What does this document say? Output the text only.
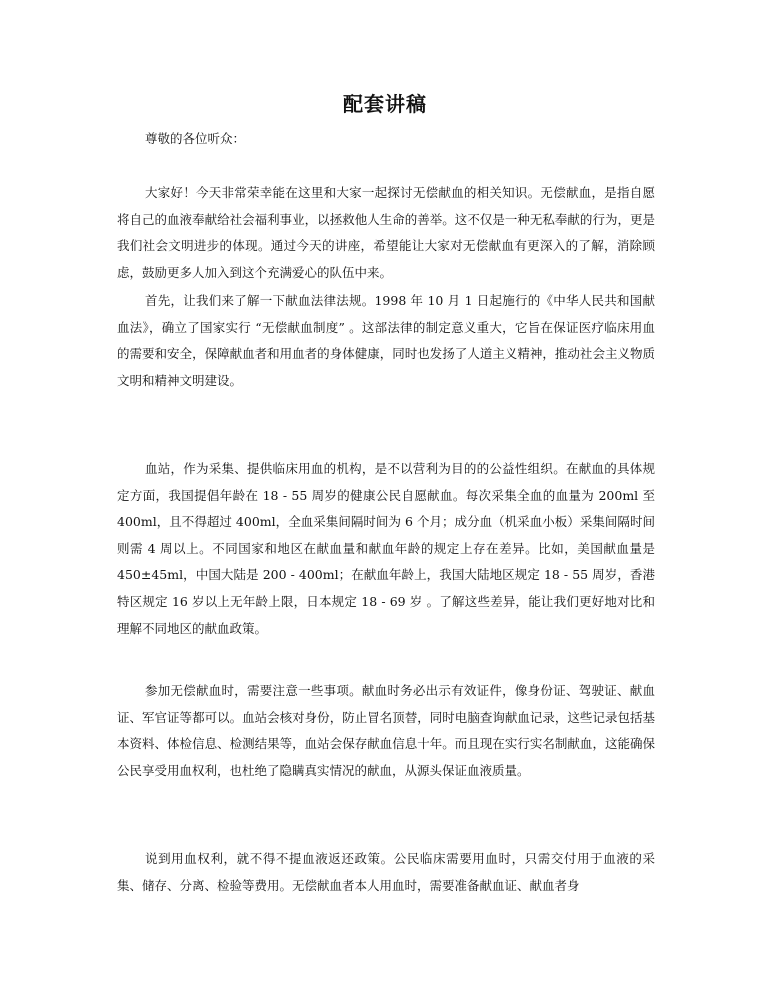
配套讲稿
尊敬的各位听众：

大家好！今天非常荣幸能在这里和大家一起探讨无偿献血的相关知识。无偿献血，是指自愿将自己的血液奉献给社会福利事业，以拯救他人生命的善举。这不仅是一种无私奉献的行为，更是我们社会文明进步的体现。通过今天的讲座，希望能让大家对无偿献血有更深入的了解，消除顾虑，鼓励更多人加入到这个充满爱心的队伍中来。

首先，让我们来了解一下献血法律法规。1998 年 10 月 1 日起施行的《中华人民共和国献血法》，确立了国家实行 “无偿献血制度” 。这部法律的制定意义重大，它旨在保证医疗临床用血的需要和安全，保障献血者和用血者的身体健康，同时也发扬了人道主义精神，推动社会主义物质文明和精神文明建设。

血站，作为采集、提供临床用血的机构，是不以营利为目的的公益性组织。在献血的具体规定方面，我国提倡年龄在 18 - 55 周岁的健康公民自愿献血。每次采集全血的血量为 200ml 至 400ml，且不得超过 400ml，全血采集间隔时间为 6 个月；成分血（机采血小板）采集间隔时间则需 4 周以上。不同国家和地区在献血量和献血年龄的规定上存在差异。比如，美国献血量是 450±45ml，中国大陆是 200 - 400ml；在献血年龄上，我国大陆地区规定 18 - 55 周岁，香港特区规定 16 岁以上无年龄上限，日本规定 18 - 69 岁 。了解这些差异，能让我们更好地对比和理解不同地区的献血政策。

参加无偿献血时，需要注意一些事项。献血时务必出示有效证件，像身份证、驾驶证、献血证、军官证等都可以。血站会核对身份，防止冒名顶替，同时电脑查询献血记录，这些记录包括基本资料、体检信息、检测结果等，血站会保存献血信息十年。而且现在实行实名制献血，这能确保公民享受用血权利，也杜绝了隐瞒真实情况的献血，从源头保证血液质量。

说到用血权利，就不得不提血液返还政策。公民临床需要用血时，只需交付用于血液的采集、储存、分离、检验等费用。无偿献血者本人用血时，需要准备献血证、献血者身
